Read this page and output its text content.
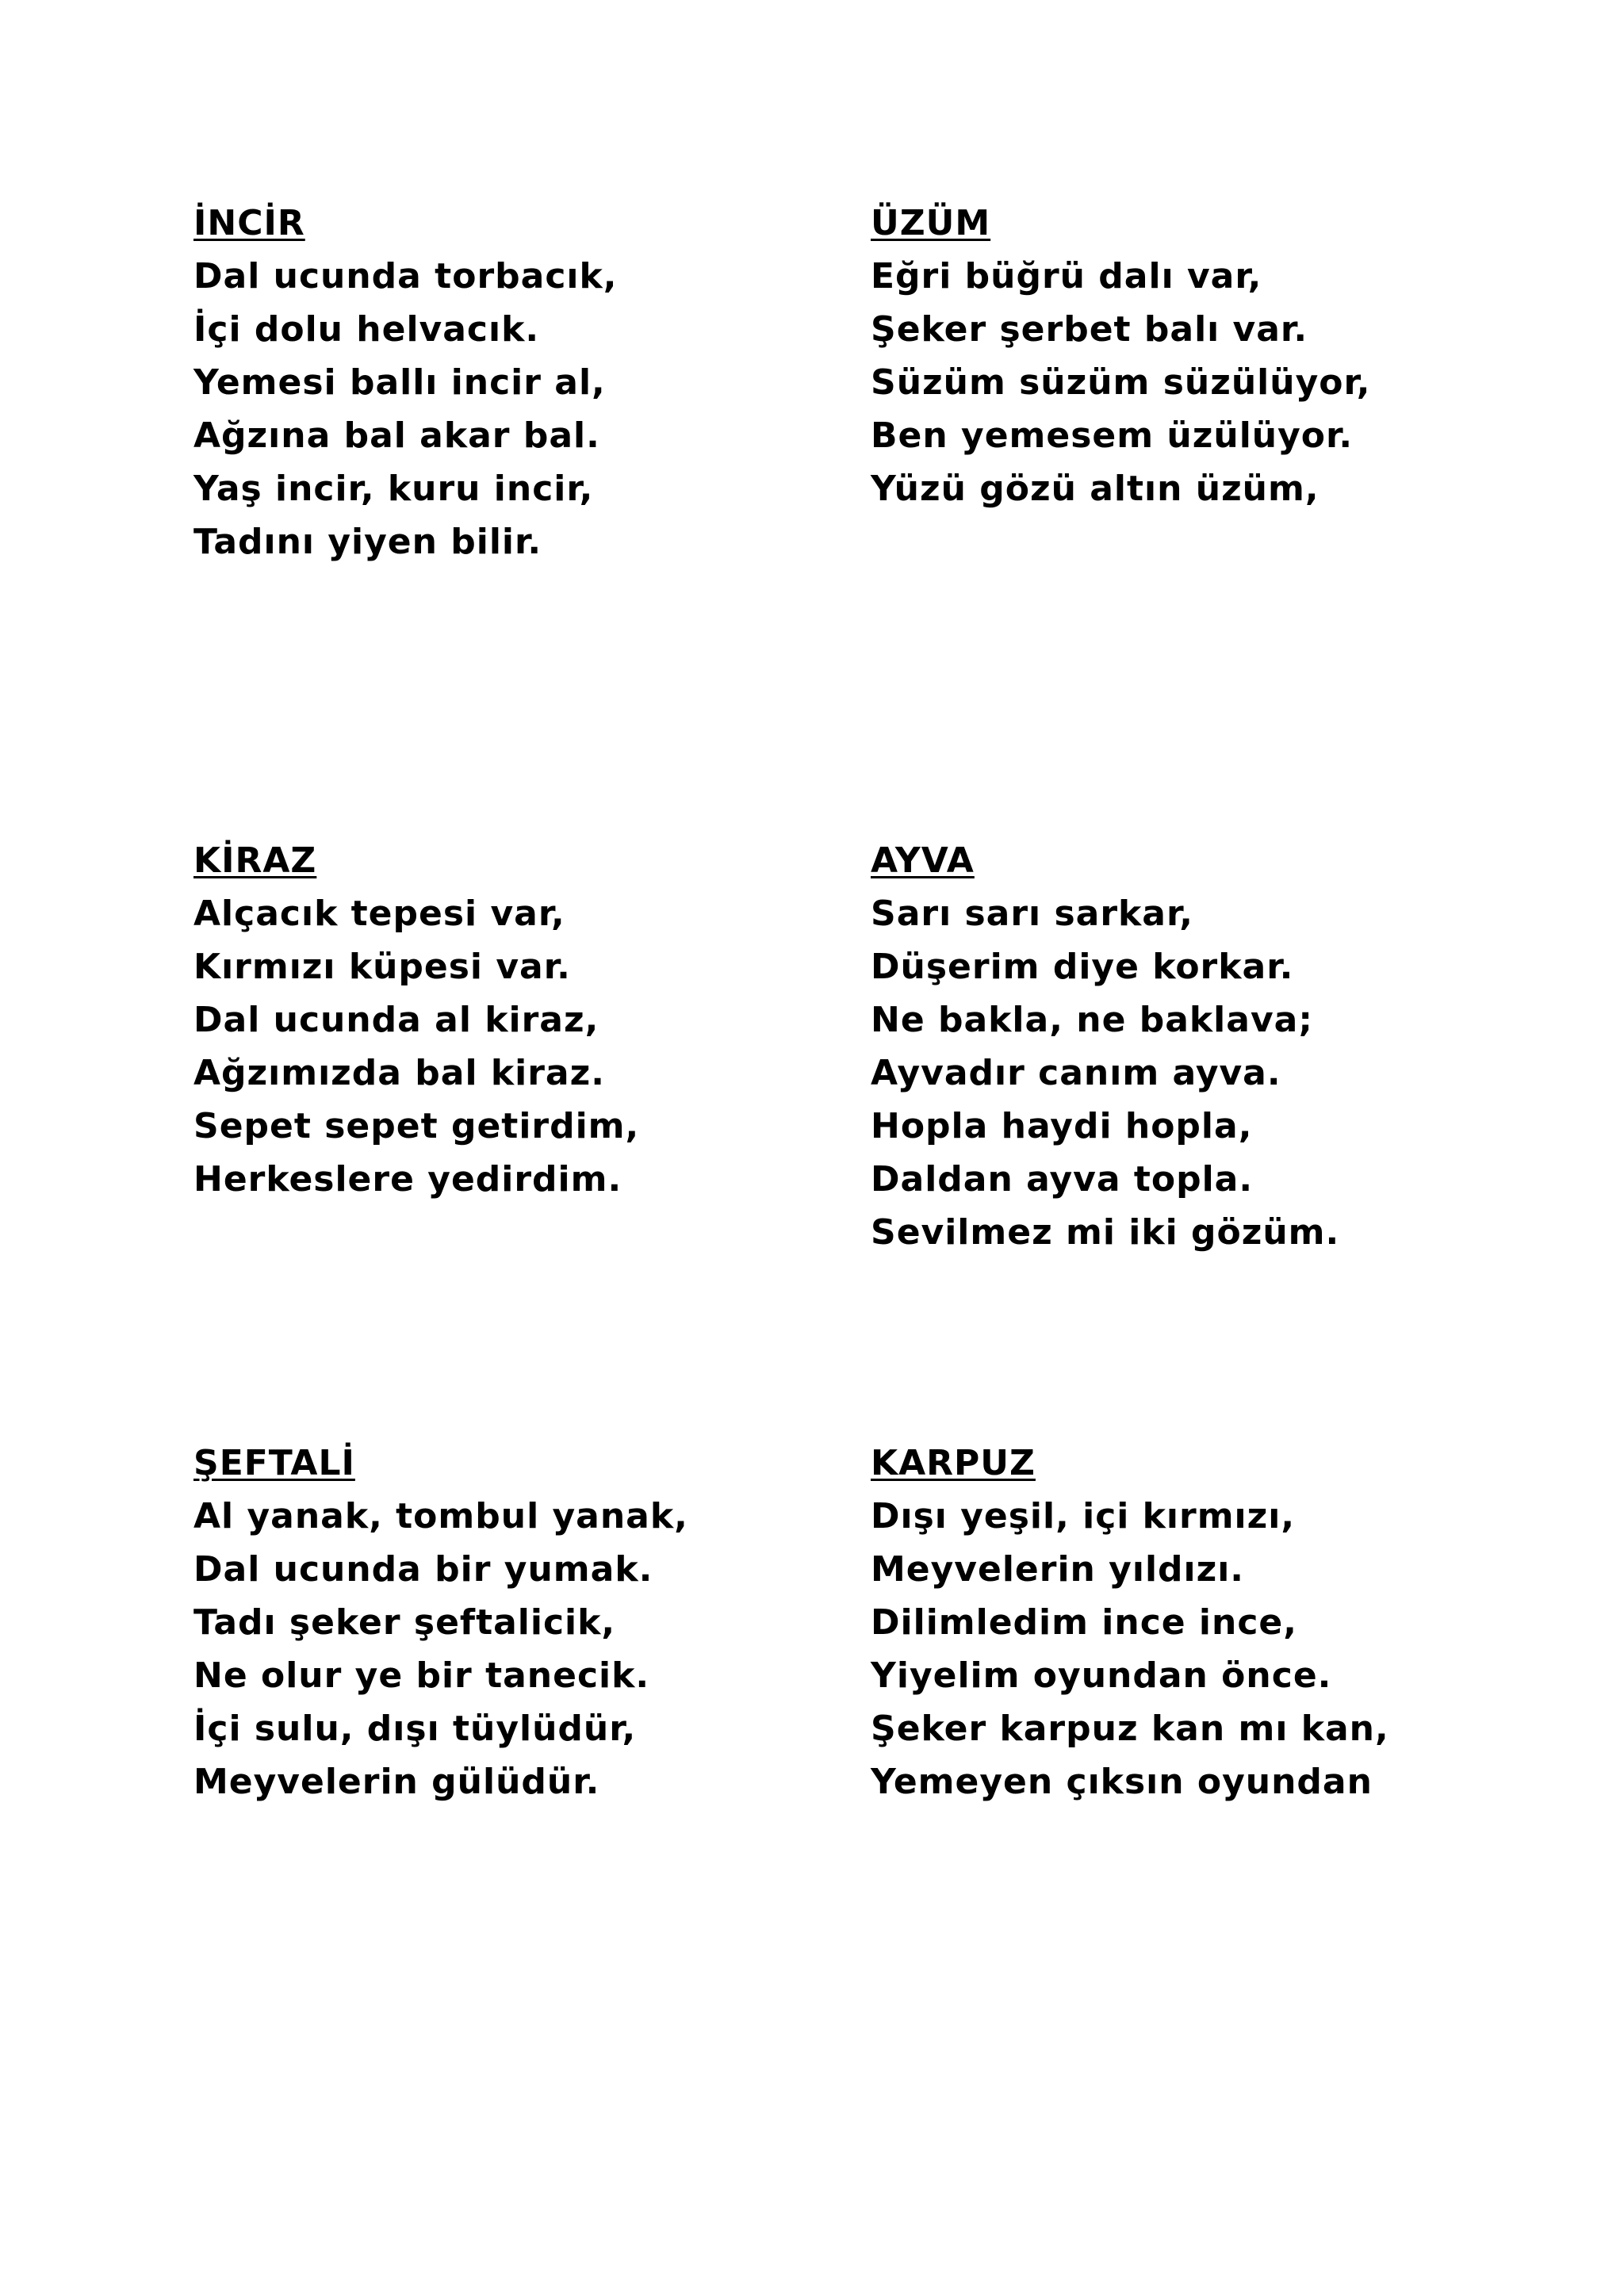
İNCİR
Dal ucunda torbacık,
İçi dolu helvacık.
Yemesi ballı incir al,
Ağzına bal akar bal.
Yaş incir, kuru incir,
Tadını yiyen bilir.
ÜZÜM
Eğri büğrü dalı var,
Şeker şerbet balı var.
Süzüm süzüm süzülüyor,
Ben yemesem üzülüyor.
Yüzü gözü altın üzüm,
KİRAZ
Alçacık tepesi var,
Kırmızı küpesi var.
Dal ucunda al kiraz,
Ağzımızda bal kiraz.
Sepet sepet getirdim,
Herkeslere yedirdim.
AYVA
Sarı sarı sarkar,
Düşerim diye korkar.
Ne bakla, ne baklava;
Ayvadır canım ayva.
Hopla haydi hopla,
Daldan ayva topla.
Sevilmez mi iki gözüm.
ŞEFTALİ
Al yanak, tombul yanak,
Dal ucunda bir yumak.
Tadı şeker şeftalicik,
Ne olur ye bir tanecik.
İçi sulu, dışı tüylüdür,
Meyvelerin gülüdür.
KARPUZ
Dışı yeşil, içi kırmızı,
Meyvelerin yıldızı.
Dilimledim ince ince,
Yiyelim oyundan önce.
Şeker karpuz kan mı kan,
Yemeyen çıksın oyundan
